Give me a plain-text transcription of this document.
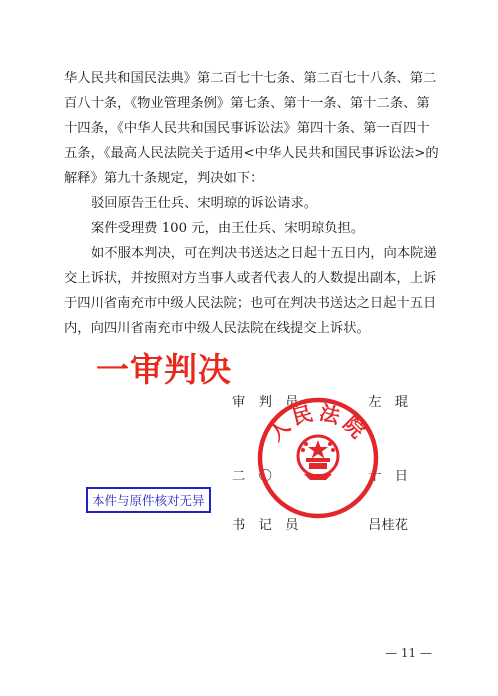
华人民共和国民法典》第二百七十七条、第二百七十八条、第二
百八十条，《物业管理条例》第七条、第十一条、第十二条、第
十四条，《中华人民共和国民事诉讼法》第四十条、第一百四十
五条，《最高人民法院关于适用<中华人民共和国民事诉讼法>的
解释》第九十条规定，判决如下：
驳回原告王仕兵、宋明琼的诉讼请求。
案件受理费 100 元，由王仕兵、宋明琼负担。
如不服本判决，可在判决书送达之日起十五日内，向本院递
交上诉状，并按照对方当事人或者代表人的人数提出副本，上诉
于四川省南充市中级人民法院；也可在判决书送达之日起十五日
内，向四川省南充市中级人民法院在线提交上诉状。
一审判决
审　判　员	左　琨
二　〇	十　日
书　记　员	吕桂花
人民法院
本件与原件核对无异
— 11 —
